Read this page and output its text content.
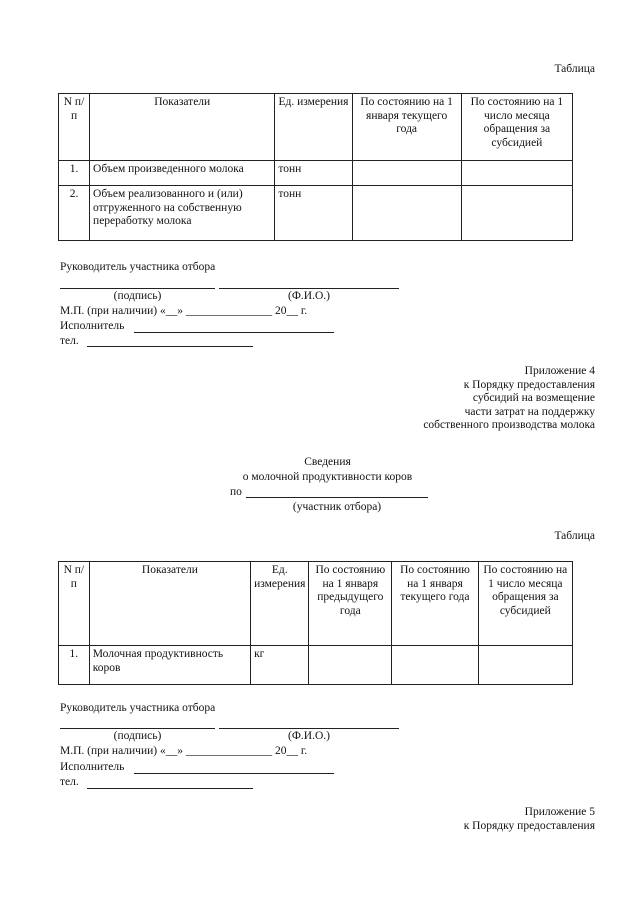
Таблица
N п/п	Показатели	Ед. измерения	По состоянию на 1 января текущего года	По состоянию на 1 число месяца обращения за субсидией
1.	Объем произведенного молока	тонн		
2.	Объем реализованного и (или) отгруженного на собственную переработку молока	тонн		
Руководитель участника отбора
(подпись)	(Ф.И.О.)
М.П. (при наличии) «__» _______________ 20__ г.
Исполнитель
тел.
Приложение 4
к Порядку предоставления
субсидий на возмещение
части затрат на поддержку
собственного производства молока
Сведения
о молочной продуктивности коров
по
(участник отбора)
Таблица
N п/п	Показатели	Ед. измерения	По состоянию на 1 января предыдущего года	По состоянию на 1 января текущего года	По состоянию на 1 число месяца обращения за субсидией
1.	Молочная продуктивность коров	кг			
Руководитель участника отбора
(подпись)	(Ф.И.О.)
М.П. (при наличии) «__» _______________ 20__ г.
Исполнитель
тел.
Приложение 5
к Порядку предоставления
